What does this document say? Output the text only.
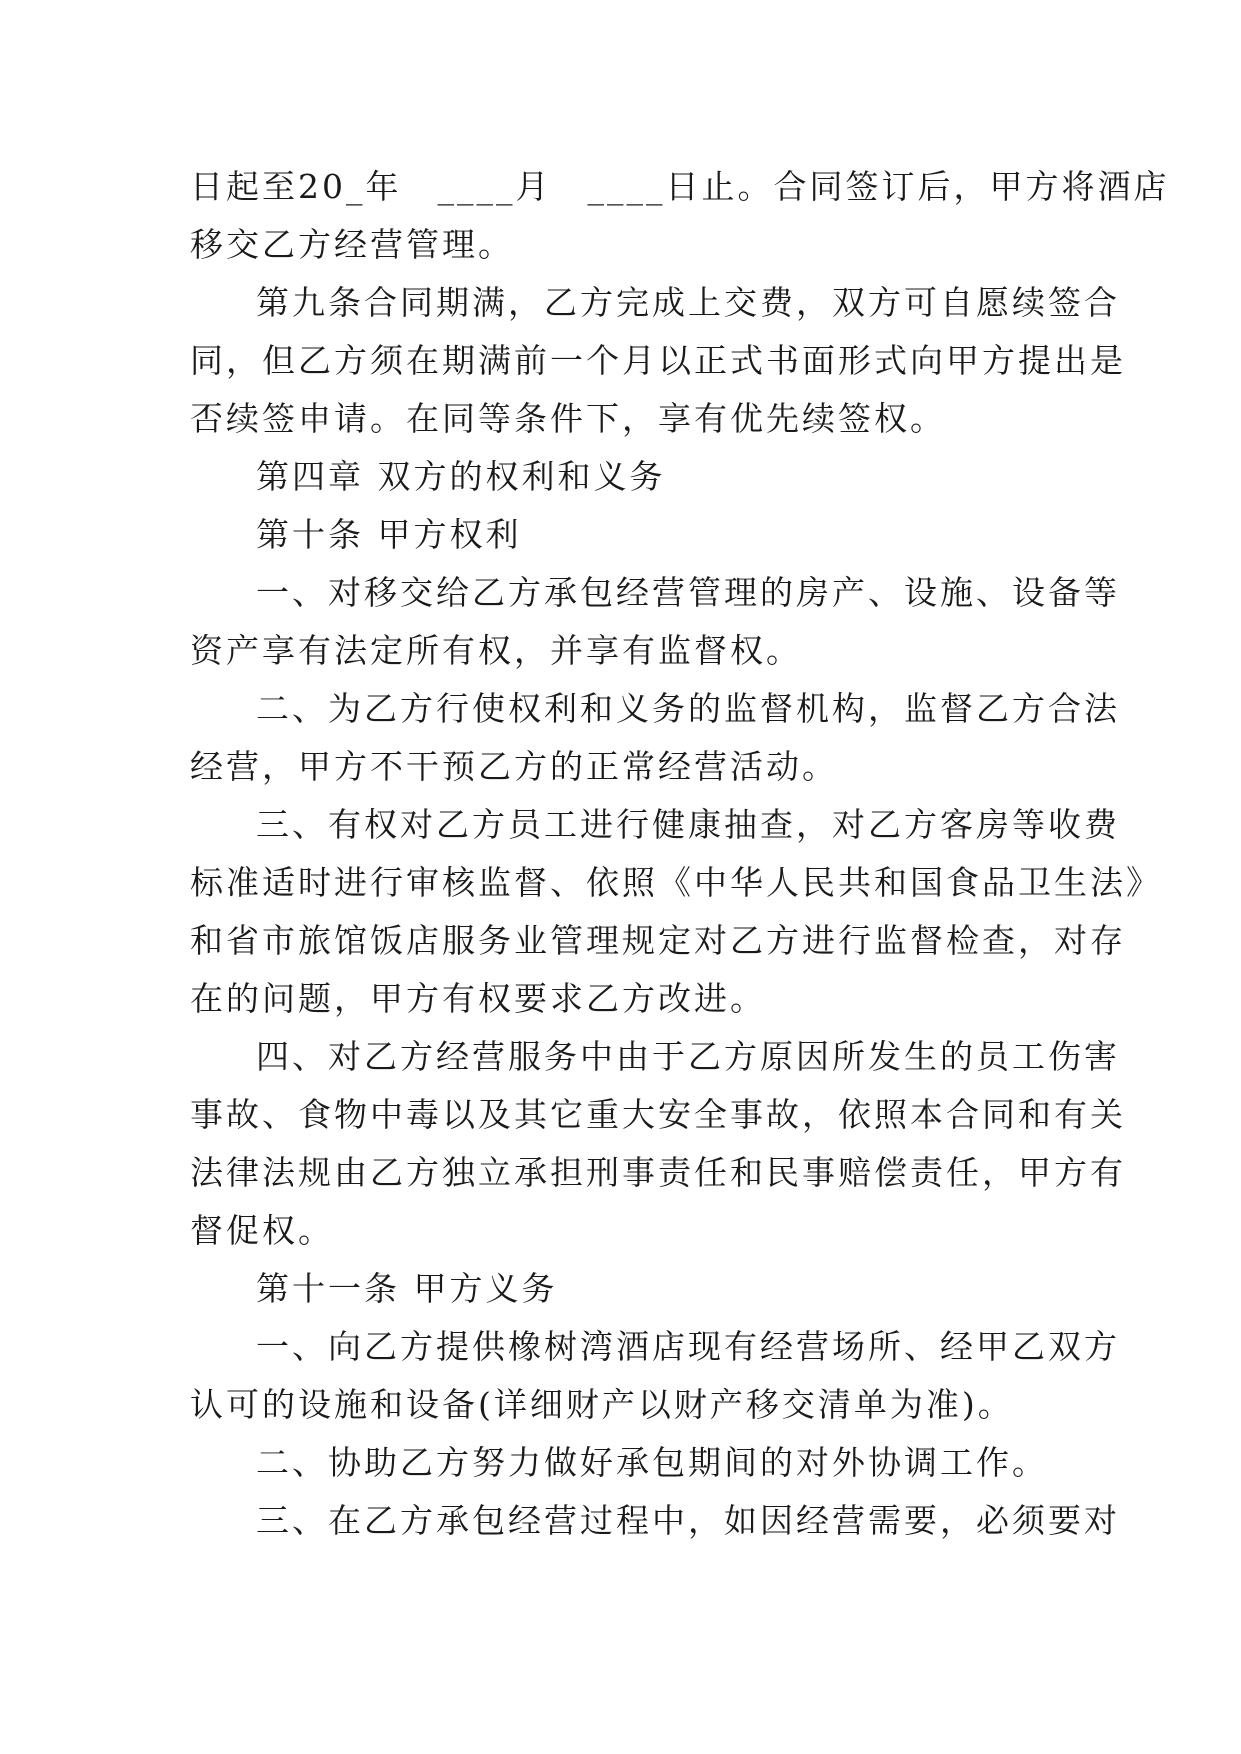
日起至20_年　____月　____日止。合同签订后，甲方将酒店
移交乙方经营管理。
第九条合同期满，乙方完成上交费，双方可自愿续签合
同，但乙方须在期满前一个月以正式书面形式向甲方提出是
否续签申请。在同等条件下，享有优先续签权。
第四章 双方的权利和义务
第十条 甲方权利
一、对移交给乙方承包经营管理的房产、设施、设备等
资产享有法定所有权，并享有监督权。
二、为乙方行使权利和义务的监督机构，监督乙方合法
经营，甲方不干预乙方的正常经营活动。
三、有权对乙方员工进行健康抽查，对乙方客房等收费
标准适时进行审核监督、依照《中华人民共和国食品卫生法》
和省市旅馆饭店服务业管理规定对乙方进行监督检查，对存
在的问题，甲方有权要求乙方改进。
四、对乙方经营服务中由于乙方原因所发生的员工伤害
事故、食物中毒以及其它重大安全事故，依照本合同和有关
法律法规由乙方独立承担刑事责任和民事赔偿责任，甲方有
督促权。
第十一条 甲方义务
一、向乙方提供橡树湾酒店现有经营场所、经甲乙双方
认可的设施和设备(详细财产以财产移交清单为准)。
二、协助乙方努力做好承包期间的对外协调工作。
三、在乙方承包经营过程中，如因经营需要，必须要对
